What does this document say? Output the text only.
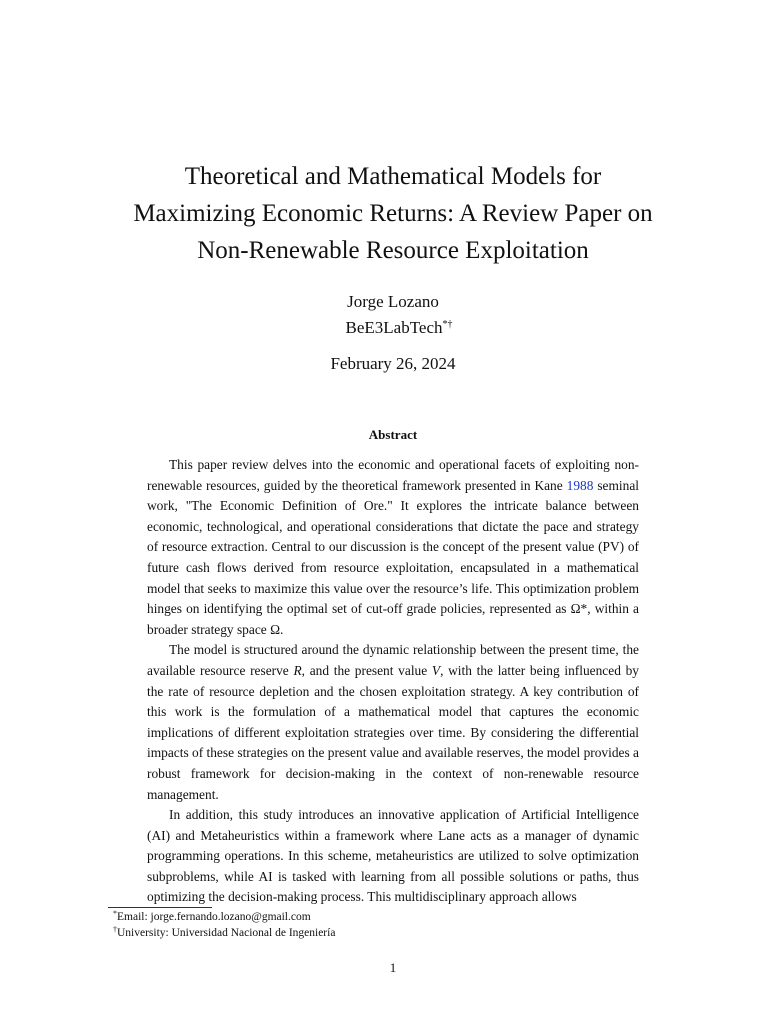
Theoretical and Mathematical Models for
Maximizing Economic Returns: A Review Paper on
Non-Renewable Resource Exploitation
Jorge Lozano
BeE3LabTech*†
February 26, 2024
Abstract

This paper review delves into the economic and operational facets of exploiting non-renewable resources, guided by the theoretical framework presented in Kane 1988 seminal work, "The Economic Definition of Ore." It explores the intricate balance between economic, technological, and operational considerations that dictate the pace and strategy of resource extraction. Central to our discussion is the concept of the present value (PV) of future cash flows derived from resource exploitation, encapsulated in a mathematical model that seeks to maximize this value over the resource’s life. This optimization problem hinges on identifying the optimal set of cut-off grade policies, represented as Ω*, within a broader strategy space Ω.

The model is structured around the dynamic relationship between the present time, the available resource reserve R, and the present value V, with the latter being influenced by the rate of resource depletion and the chosen exploitation strategy. A key contribution of this work is the formulation of a mathematical model that captures the economic implications of different exploitation strategies over time. By considering the differential impacts of these strategies on the present value and available reserves, the model provides a robust framework for decision-making in the context of non-renewable resource management.

In addition, this study introduces an innovative application of Artificial Intelligence (AI) and Metaheuristics within a framework where Lane acts as a manager of dynamic programming operations. In this scheme, metaheuristics are utilized to solve optimization subproblems, while AI is tasked with learning from all possible solutions or paths, thus optimizing the decision-making process. This multidisciplinary approach allows

*Email: jorge.fernando.lozano@gmail.com
†University: Universidad Nacional de Ingeniería
1
